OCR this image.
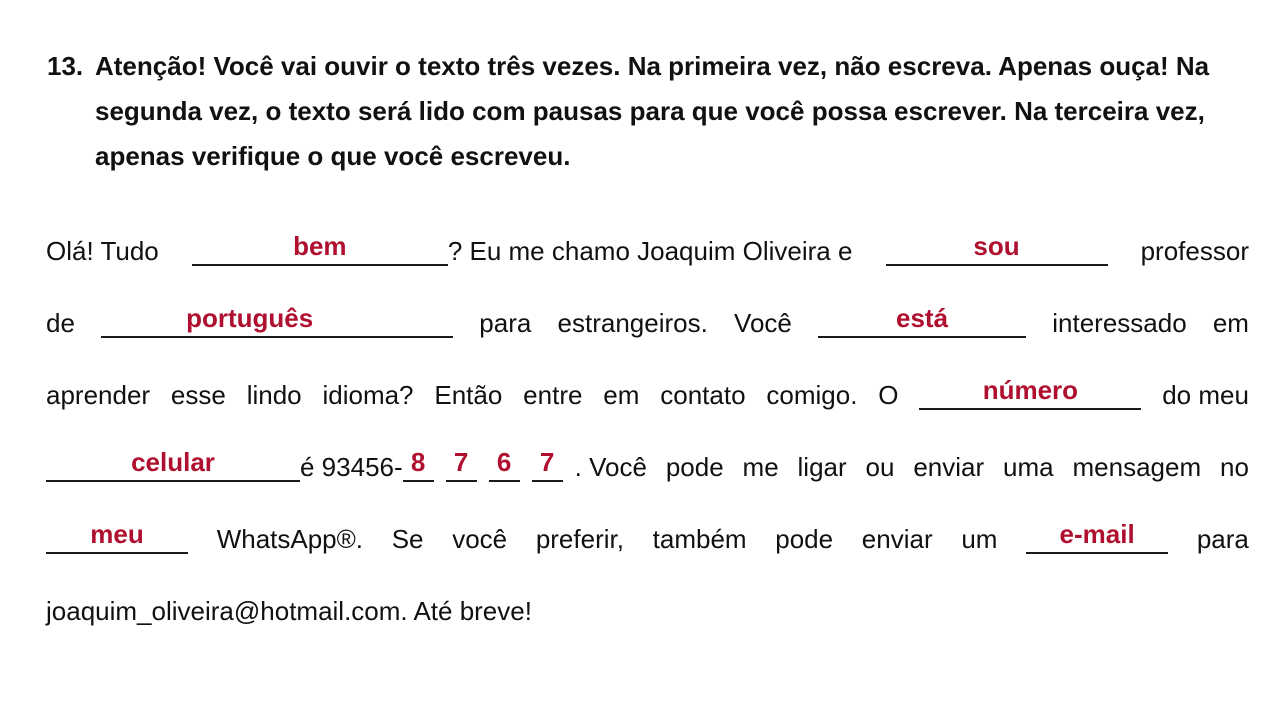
13. Atenção! Você vai ouvir o texto três vezes. Na primeira vez, não escreva. Apenas ouça! Na segunda vez, o texto será lido com pausas para que você possa escrever. Na terceira vez, apenas verifique o que você escreveu.
Olá! Tudo	bem	? Eu me chamo Joaquim Oliveira e	sou	professor
de	português	para estrangeiros. Você	está	interessado em
aprender esse lindo idioma? Então entre em contato comigo. O	número	do meu
celular	é 93456- 8	7	6	7 . Você pode me ligar ou enviar uma mensagem no
meu	WhatsApp®. Se você preferir, também pode enviar um	e-mail	para
joaquim_oliveira@hotmail.com. Até breve!
